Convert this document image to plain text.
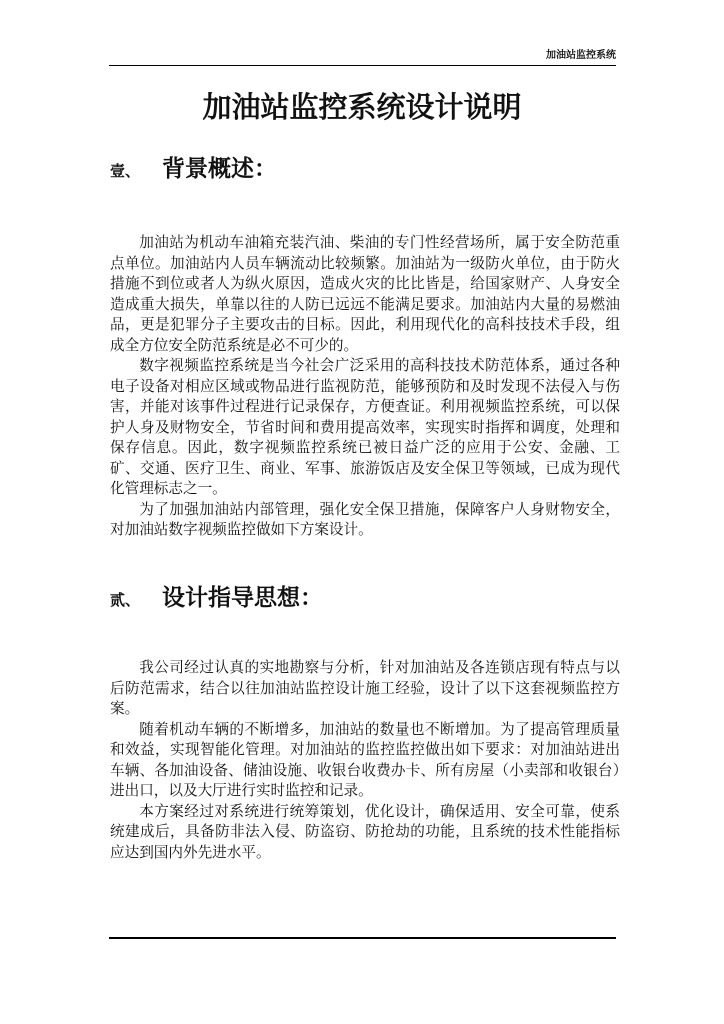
加油站监控系统
加油站监控系统设计说明
壹、 背景概述：

加油站为机动车油箱充装汽油、柴油的专门性经营场所，属于安全防范重点单位。加油站内人员车辆流动比较频繁。加油站为一级防火单位，由于防火措施不到位或者人为纵火原因，造成火灾的比比皆是，给国家财产、人身安全造成重大损失，单靠以往的人防已远远不能满足要求。加油站内大量的易燃油品，更是犯罪分子主要攻击的目标。因此，利用现代化的高科技技术手段，组成全方位安全防范系统是必不可少的。

数字视频监控系统是当今社会广泛采用的高科技技术防范体系，通过各种电子设备对相应区域或物品进行监视防范，能够预防和及时发现不法侵入与伤害，并能对该事件过程进行记录保存，方便查证。利用视频监控系统，可以保护人身及财物安全，节省时间和费用提高效率，实现实时指挥和调度，处理和保存信息。因此，数字视频监控系统已被日益广泛的应用于公安、金融、工矿、交通、医疗卫生、商业、军事、旅游饭店及安全保卫等领域，已成为现代化管理标志之一。

为了加强加油站内部管理，强化安全保卫措施，保障客户人身财物安全，对加油站数字视频监控做如下方案设计。

贰、 设计指导思想：

我公司经过认真的实地勘察与分析，针对加油站及各连锁店现有特点与以后防范需求，结合以往加油站监控设计施工经验，设计了以下这套视频监控方案。

随着机动车辆的不断增多，加油站的数量也不断增加。为了提高管理质量和效益，实现智能化管理。对加油站的监控监控做出如下要求：对加油站进出车辆、各加油设备、储油设施、收银台收费办卡、所有房屋（小卖部和收银台）进出口，以及大厅进行实时监控和记录。

本方案经过对系统进行统筹策划，优化设计，确保适用、安全可靠，使系统建成后，具备防非法入侵、防盗窃、防抢劫的功能，且系统的技术性能指标应达到国内外先进水平。
